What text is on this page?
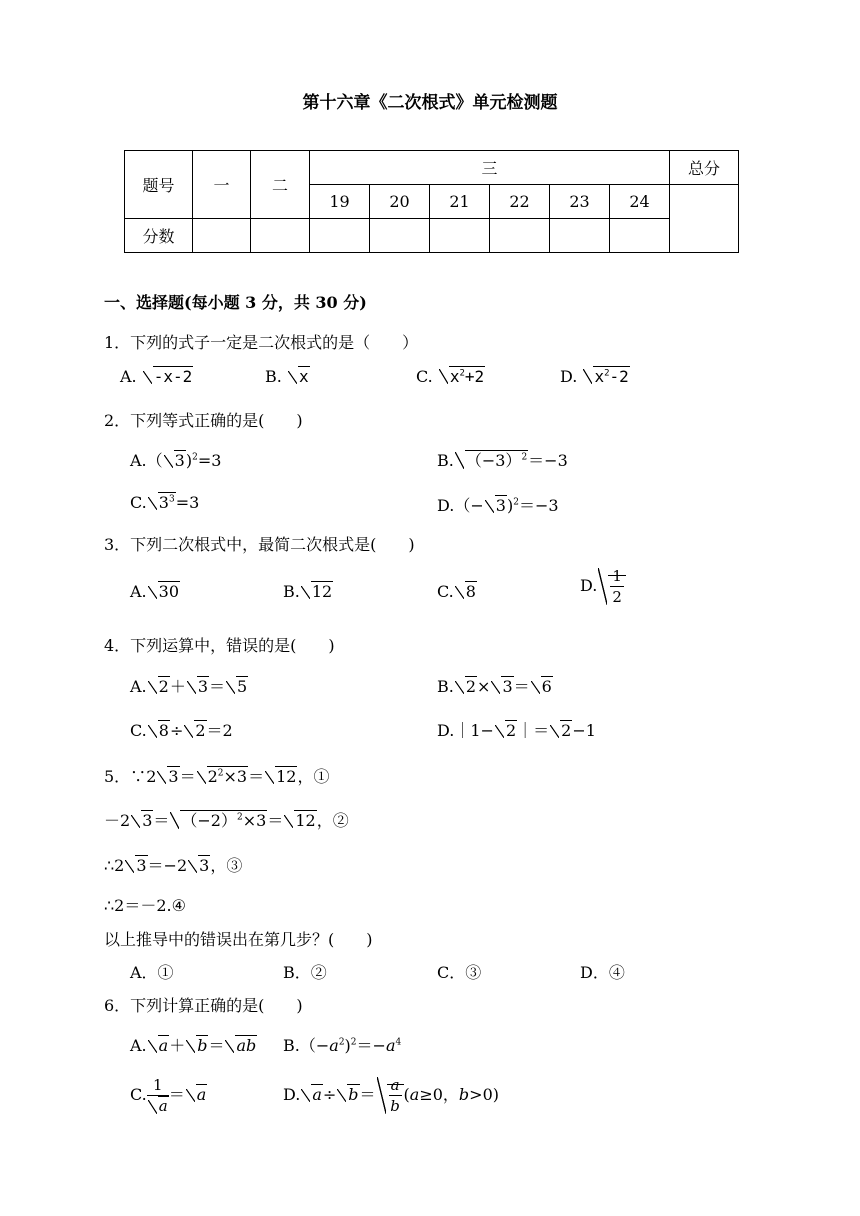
第十六章《二次根式》单元检测题
题号	一	二	三						总分
			19	20	21	22	23	24	
分数									
一、选择题(每小题 3 分，共 30 分)
1．下列的式子一定是二次根式的是（　　）
A. -x-2	B. x	C. $x^2+2$	D. $x^2-2$
2．下列等式正确的是(　　)
A.（ 3)$^2$=3	B. $(-3)^2=-3$
C. $3^3=3$	D.（− 3)$^2$＝−3
3．下列二次根式中，最简二次根式是(　　)
A. 30	B. 12	C. 8	D. $\frac{1}{2}$
4．下列运算中，错误的是(　　)
A. 2＋ 3＝ 5	B. 2× 3＝ 6
C. 8÷ 2＝2	D.｜1− 2｜＝ 2−1
5．∵2 $3= 2^2\times 3= 12$，①
－2 $3= (-2)^2\times 3= 12$，②
∴2 3＝−2 3，③
∴2＝－2.④
以上推导中的错误出在第几步？(　　)
A．①	B．②	C．③	D．④
6．下列计算正确的是(　　)
A. a＋ b＝ ab $B.(-a^2)^2=-a^4$
C. $\frac{1}{a} = a$	D. $a\div b= \frac{a}{b} (a\ge 0$，b>0)
